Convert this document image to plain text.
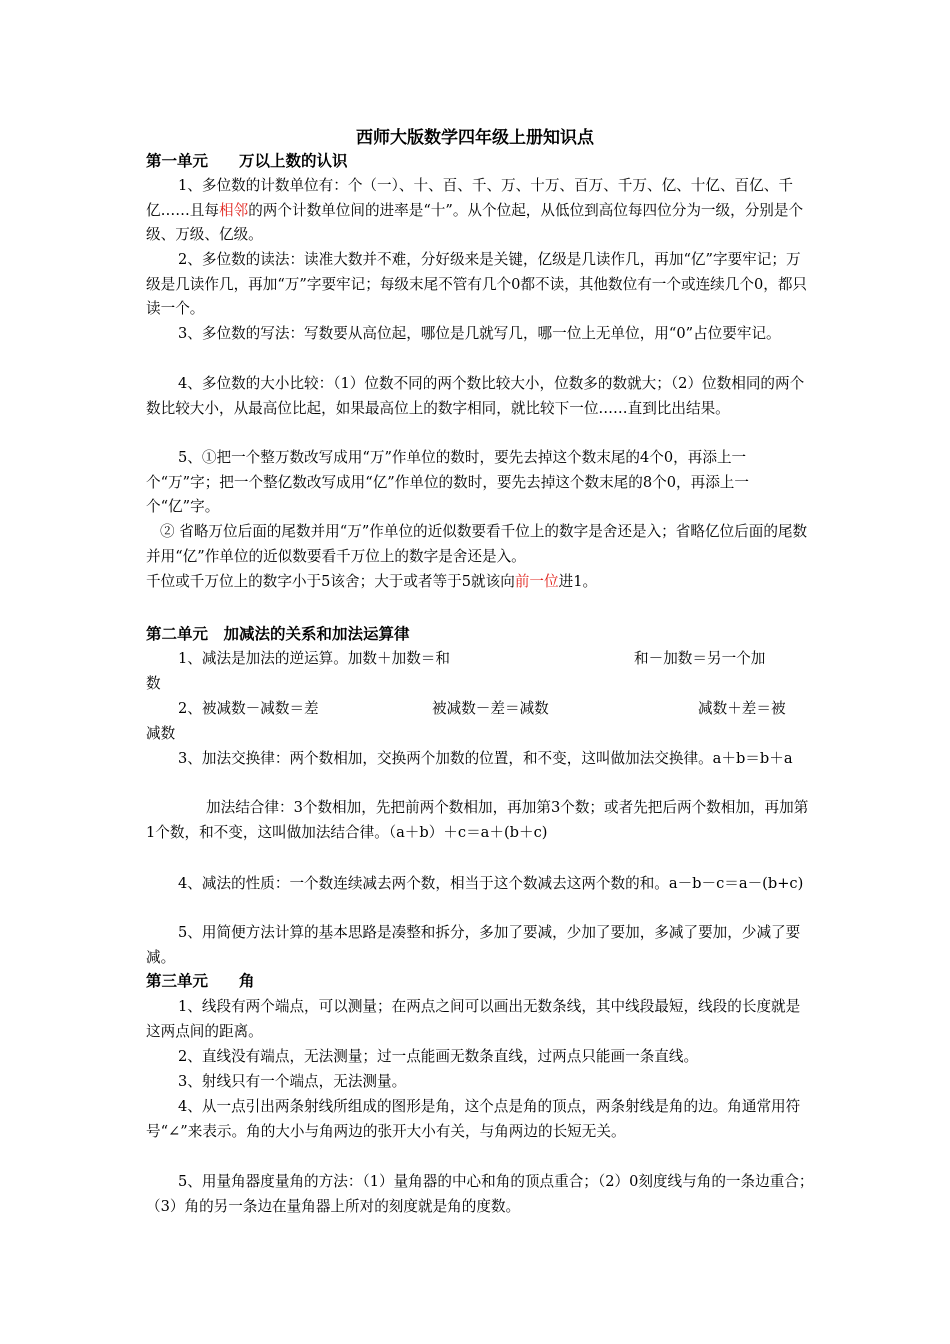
西师大版数学四年级上册知识点
第一单元　　万以上数的认识
1、多位数的计数单位有：个（一）、十、百、千、万、十万、百万、千万、亿、十亿、百亿、千亿……且每相邻的两个计数单位间的进率是“十”。从个位起，从低位到高位每四位分为一级，分别是个级、万级、亿级。
2、多位数的读法：读准大数并不难，分好级来是关键，亿级是几读作几，再加“亿”字要牢记；万级是几读作几，再加“万”字要牢记；每级末尾不管有几个0都不读，其他数位有一个或连续几个0，都只读一个。
3、多位数的写法：写数要从高位起，哪位是几就写几，哪一位上无单位，用“0”占位要牢记。
4、多位数的大小比较：（1）位数不同的两个数比较大小，位数多的数就大；（2）位数相同的两个数比较大小，从最高位比起，如果最高位上的数字相同，就比较下一位……直到比出结果。
5、①把一个整万数改写成用“万”作单位的数时，要先去掉这个数末尾的4个0，再添上一个“万”字；把一个整亿数改写成用“亿”作单位的数时，要先去掉这个数末尾的8个0，再添上一个“亿”字。
② 省略万位后面的尾数并用“万”作单位的近似数要看千位上的数字是舍还是入；省略亿位后面的尾数并用“亿”作单位的近似数要看千万位上的数字是舍还是入。
千位或千万位上的数字小于5该舍；大于或者等于5就该向前一位进1。
第二单元　加减法的关系和加法运算律
1、减法是加法的逆运算。加数＋加数＝和	和－加数＝另一个加
数
2、被减数－减数＝差	被减数－差＝减数	减数＋差＝被
减数
3、加法交换律：两个数相加，交换两个加数的位置，和不变，这叫做加法交换律。a＋b＝b＋a
加法结合律：3个数相加，先把前两个数相加，再加第3个数；或者先把后两个数相加，再加第1个数，和不变，这叫做加法结合律。（a＋b）＋c＝a＋(b＋c)
4、减法的性质：一个数连续减去两个数，相当于这个数减去这两个数的和。a－b－c＝a－(b+c)
5、用简便方法计算的基本思路是凑整和拆分，多加了要减，少加了要加，多减了要加，少减了要减。
第三单元　　角
1、线段有两个端点，可以测量；在两点之间可以画出无数条线，其中线段最短，线段的长度就是这两点间的距离。
2、直线没有端点，无法测量；过一点能画无数条直线，过两点只能画一条直线。
3、射线只有一个端点，无法测量。
4、从一点引出两条射线所组成的图形是角，这个点是角的顶点，两条射线是角的边。角通常用符号“∠”来表示。角的大小与角两边的张开大小有关，与角两边的长短无关。
5、用量角器度量角的方法：（1）量角器的中心和角的顶点重合；（2）0刻度线与角的一条边重合；（3）角的另一条边在量角器上所对的刻度就是角的度数。
